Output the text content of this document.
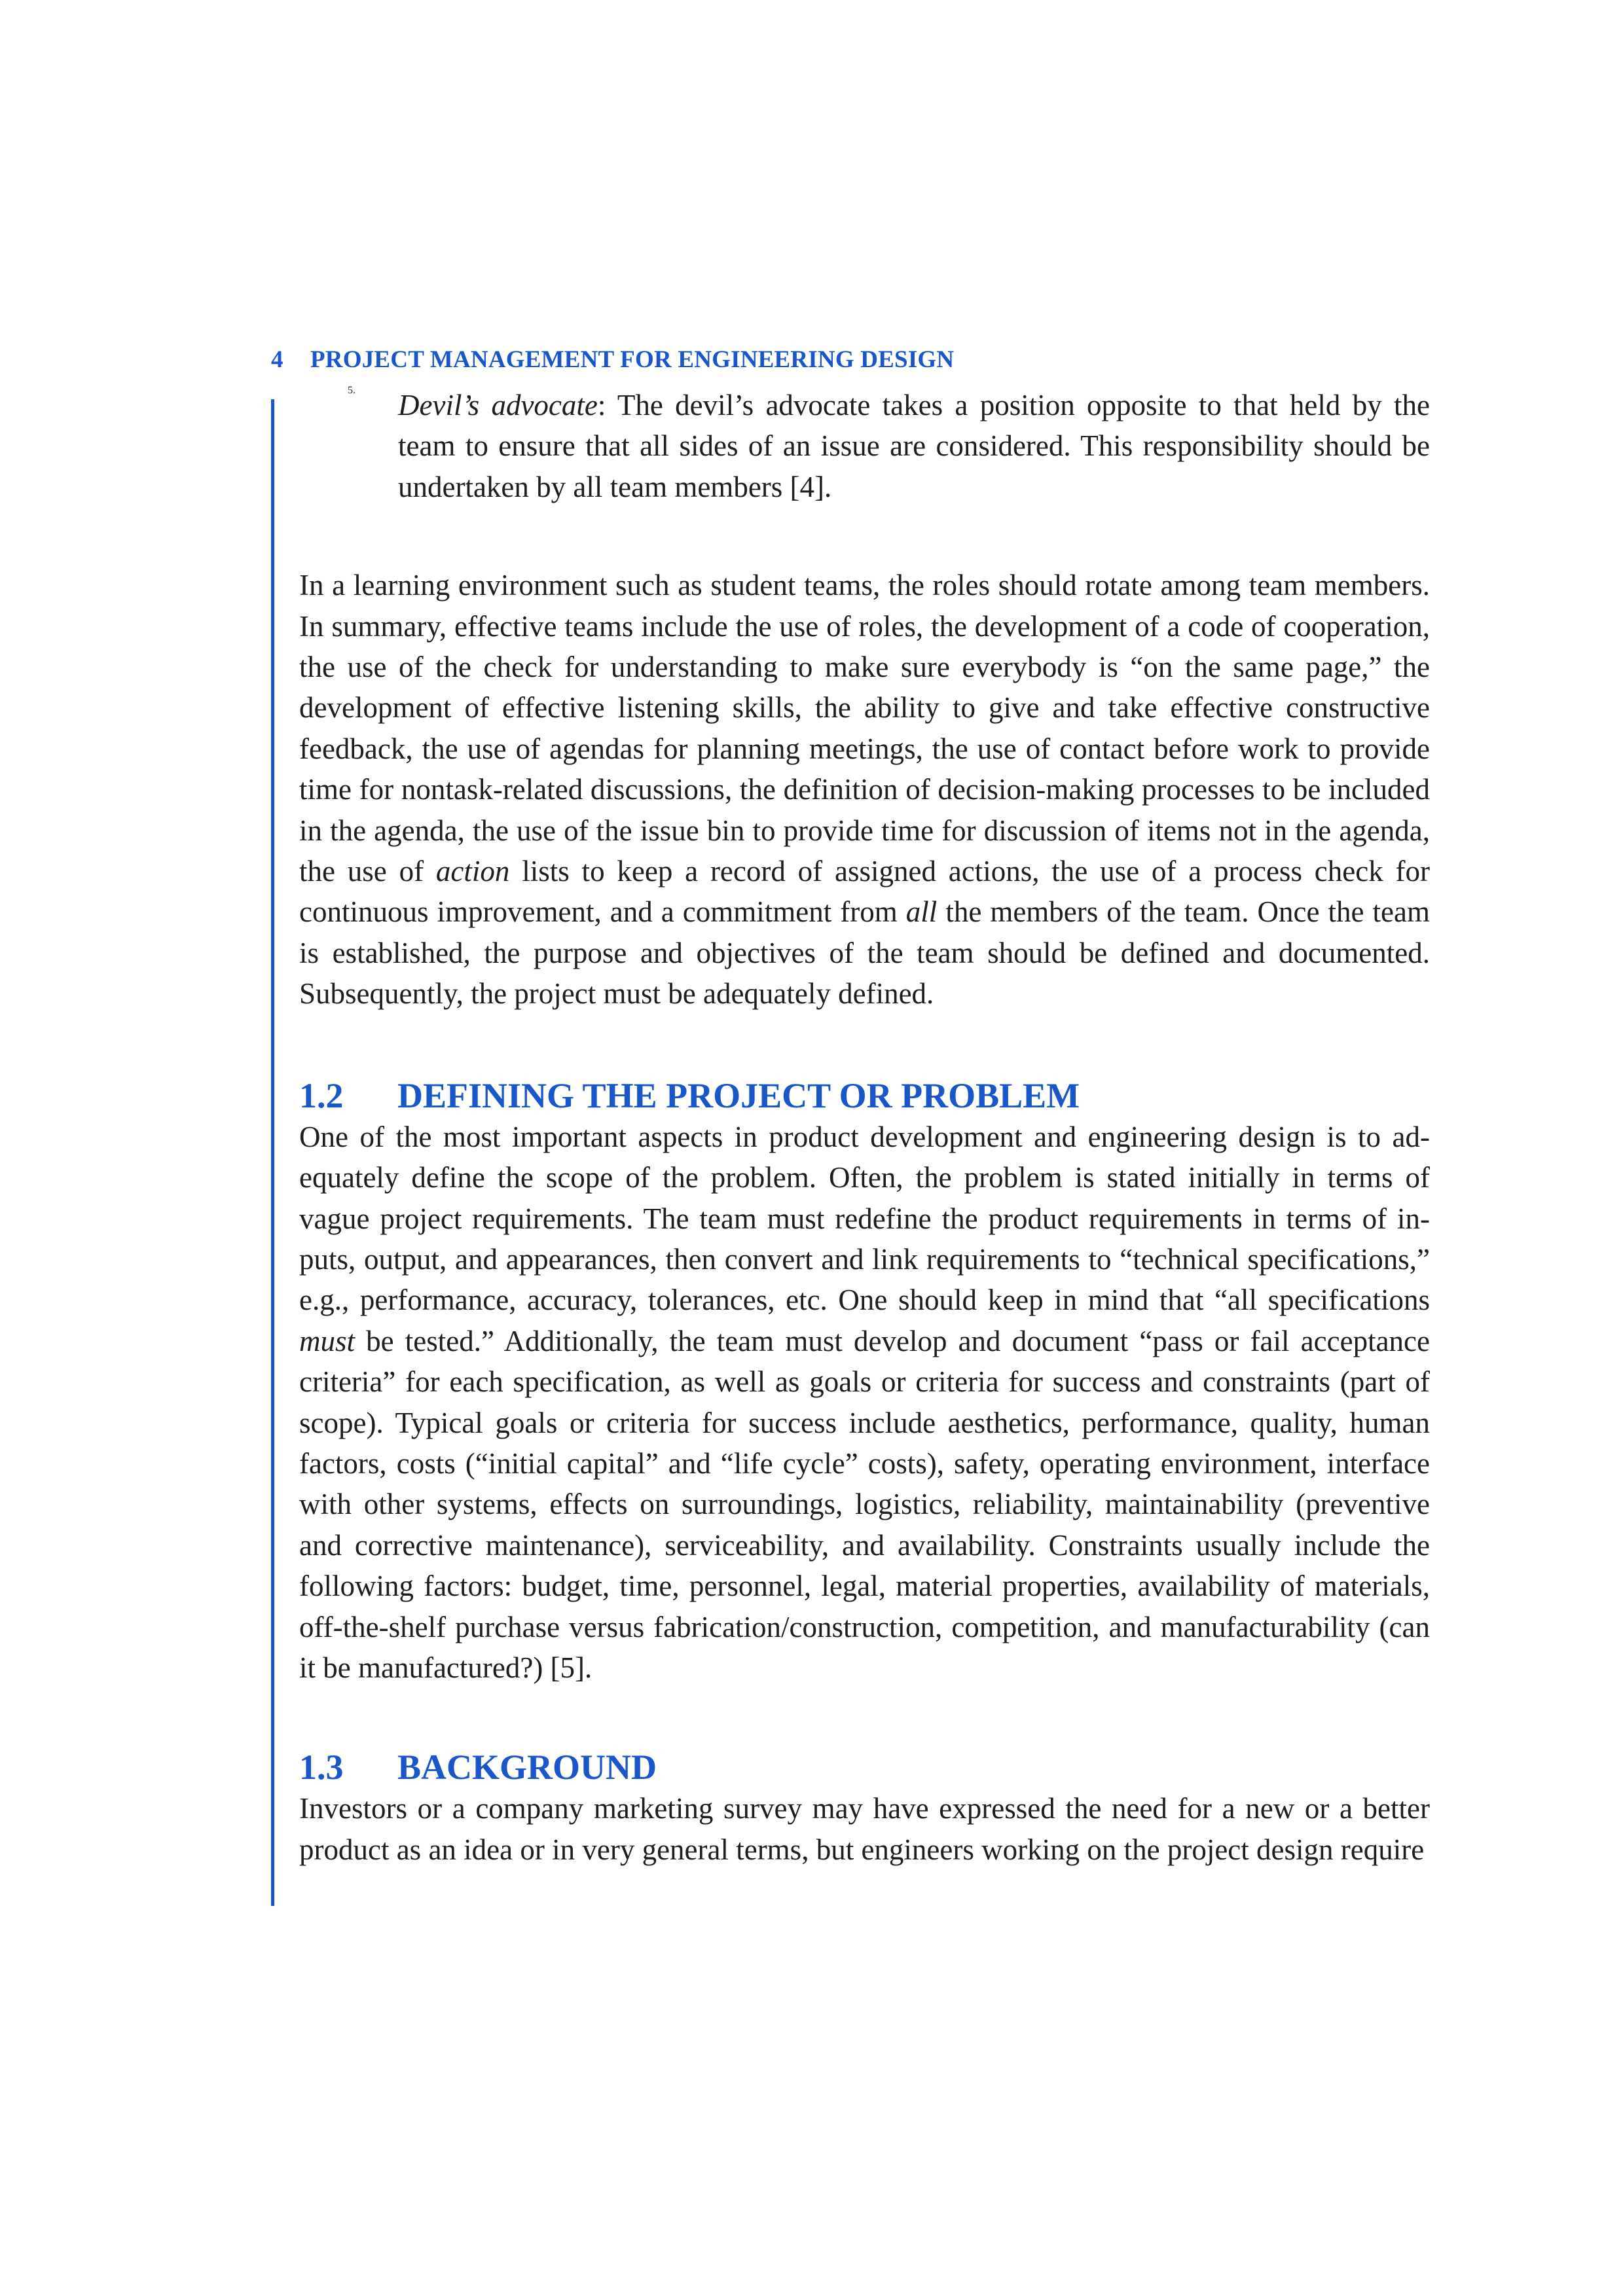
4 PROJECT MANAGEMENT FOR ENGINEERING DESIGN
5. Devil’s advocate: The devil’s advocate takes a position opposite to that held by the team to ensure that all sides of an issue are considered. This responsibility should be undertaken by all team members [4].

In a learning environment such as student teams, the roles should rotate among team members. In summary, effective teams include the use of roles, the development of a code of cooperation, the use of the check for understanding to make sure everybody is “on the same page,” the development of effective listening skills, the ability to give and take effective constructive feedback, the use of agendas for planning meetings, the use of contact before work to provide time for nontask-related discussions, the definition of decision-making processes to be included in the agenda, the use of the issue bin to provide time for discussion of items not in the agenda, the use of action lists to keep a record of assigned actions, the use of a process check for continuous improvement, and a commitment from all the members of the team. Once the team is established, the purpose and objectives of the team should be defined and documented. Subsequently, the project must be adequately defined.

1.2 DEFINING THE PROJECT OR PROBLEM

One of the most important aspects in product development and engineering design is to adequately define the scope of the problem. Often, the problem is stated initially in terms of vague project requirements. The team must redefine the product requirements in terms of inputs, output, and appearances, then convert and link requirements to “technical specifications,” e.g., performance, accuracy, tolerances, etc. One should keep in mind that “all specifications must be tested.” Additionally, the team must develop and document “pass or fail acceptance criteria” for each specification, as well as goals or criteria for success and constraints (part of scope). Typical goals or criteria for success include aesthetics, performance, quality, human factors, costs (“initial capital” and “life cycle” costs), safety, operating environment, interface with other systems, effects on surroundings, logistics, reliability, maintainability (preventive and corrective maintenance), serviceability, and availability. Constraints usually include the following factors: budget, time, personnel, legal, material properties, availability of materials, off-the-shelf purchase versus fabrication/construction, competition, and manufacturability (can it be manufactured?) [5].

1.3 BACKGROUND

Investors or a company marketing survey may have expressed the need for a new or a better product as an idea or in very general terms, but engineers working on the project design require
